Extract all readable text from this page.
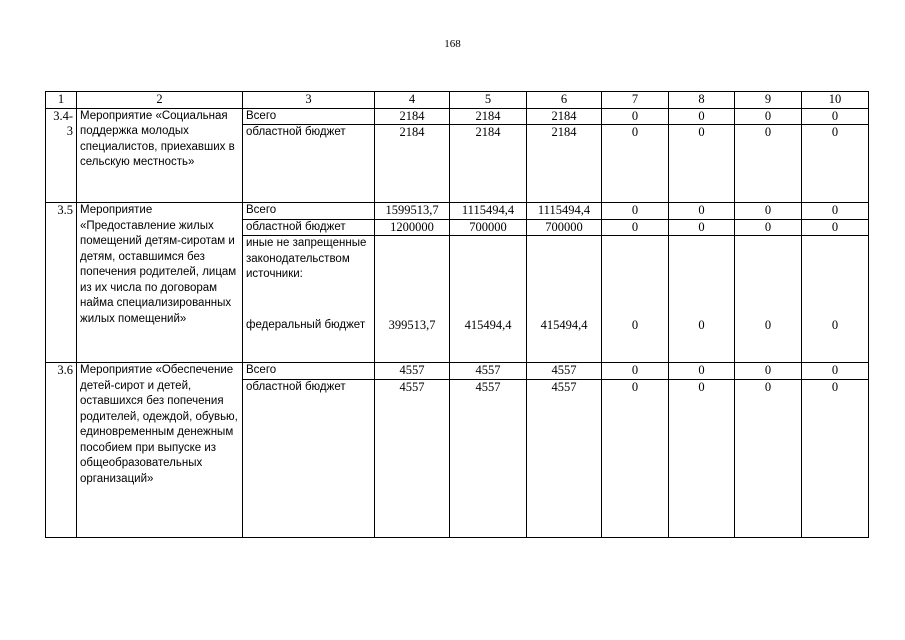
168
1	2	3	4	5	6	7	8	9	10
3.4-3	Мероприятие «Социальная поддержка молодых специалистов, приехавших в сельскую местность»	Всего	2184	2184	2184	0	0	0	0
		областной бюджет	2184	2184	2184	0	0	0	0

3.5	Мероприятие «Предоставление жилых помещений детям-сиротам и детям, оставшимся без попечения родителей, лицам из их числа по договорам найма специализированных жилых помещений»	Всего	1599513,7	1115494,4	1115494,4	0	0	0	0
		областной бюджет	1200000	700000	700000	0	0	0	0
		иные не запрещенные законодательством источники:							
		федеральный бюджет	399513,7	415494,4	415494,4	0	0	0	0

3.6	Мероприятие «Обеспечение детей-сирот и детей, оставшихся без попечения родителей, одеждой, обувью, единовременным денежным пособием при выпуске из общеобразовательных организаций»	Всего	4557	4557	4557	0	0	0	0
		областной бюджет	4557	4557	4557	0	0	0	0
